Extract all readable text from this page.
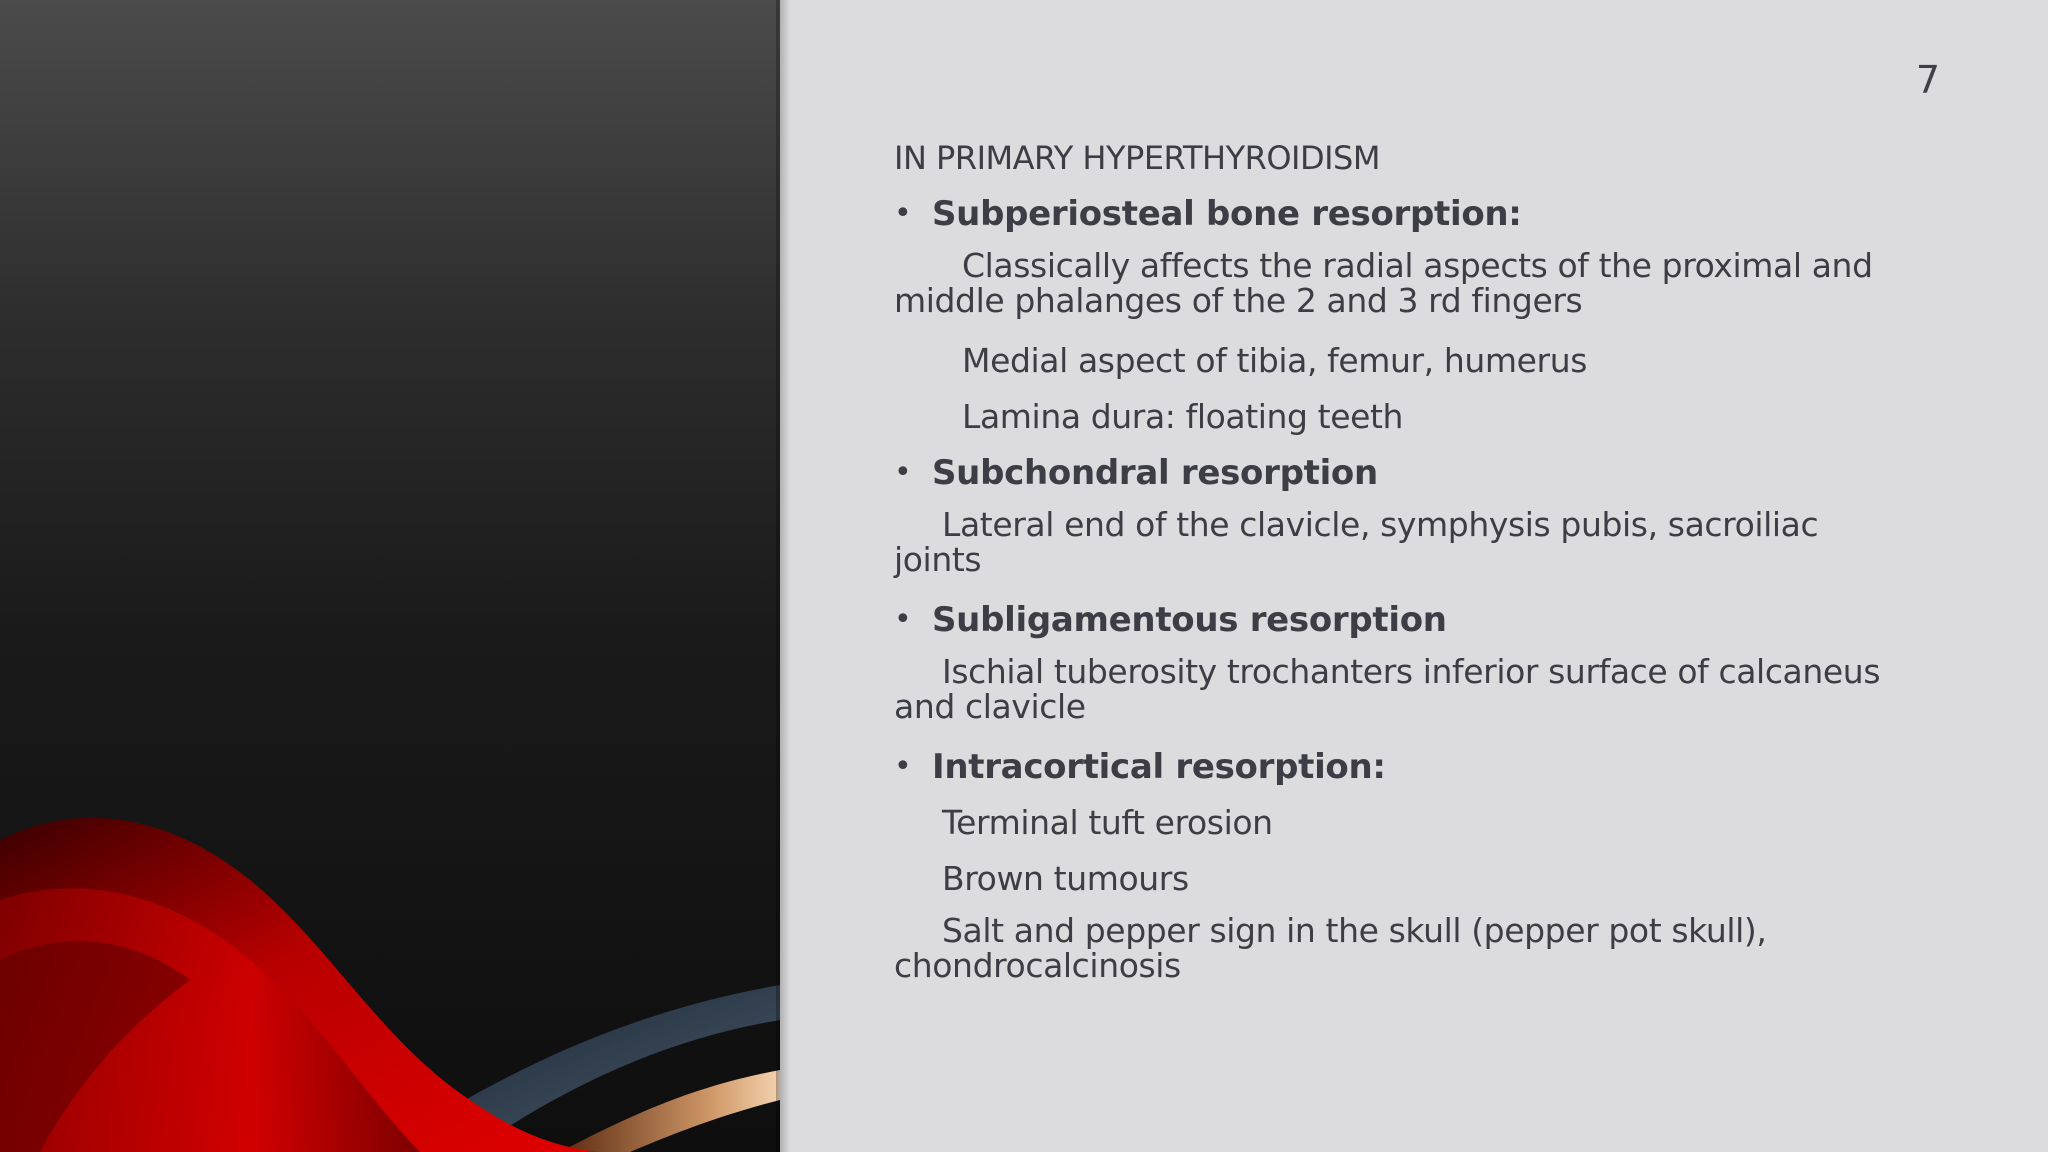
7
IN PRIMARY HYPERTHYROIDISM
• Subperiosteal bone resorption:
Classically affects the radial aspects of the proximal and middle phalanges of the 2 and 3 rd fingers
Medial aspect of tibia, femur, humerus
Lamina dura: floating teeth
• Subchondral resorption
Lateral end of the clavicle, symphysis pubis, sacroiliac joints
• Subligamentous resorption
Ischial tuberosity trochanters inferior surface of calcaneus and clavicle
• Intracortical resorption:
Terminal tuft erosion
Brown tumours
Salt and pepper sign in the skull (pepper pot skull), chondrocalcinosis
